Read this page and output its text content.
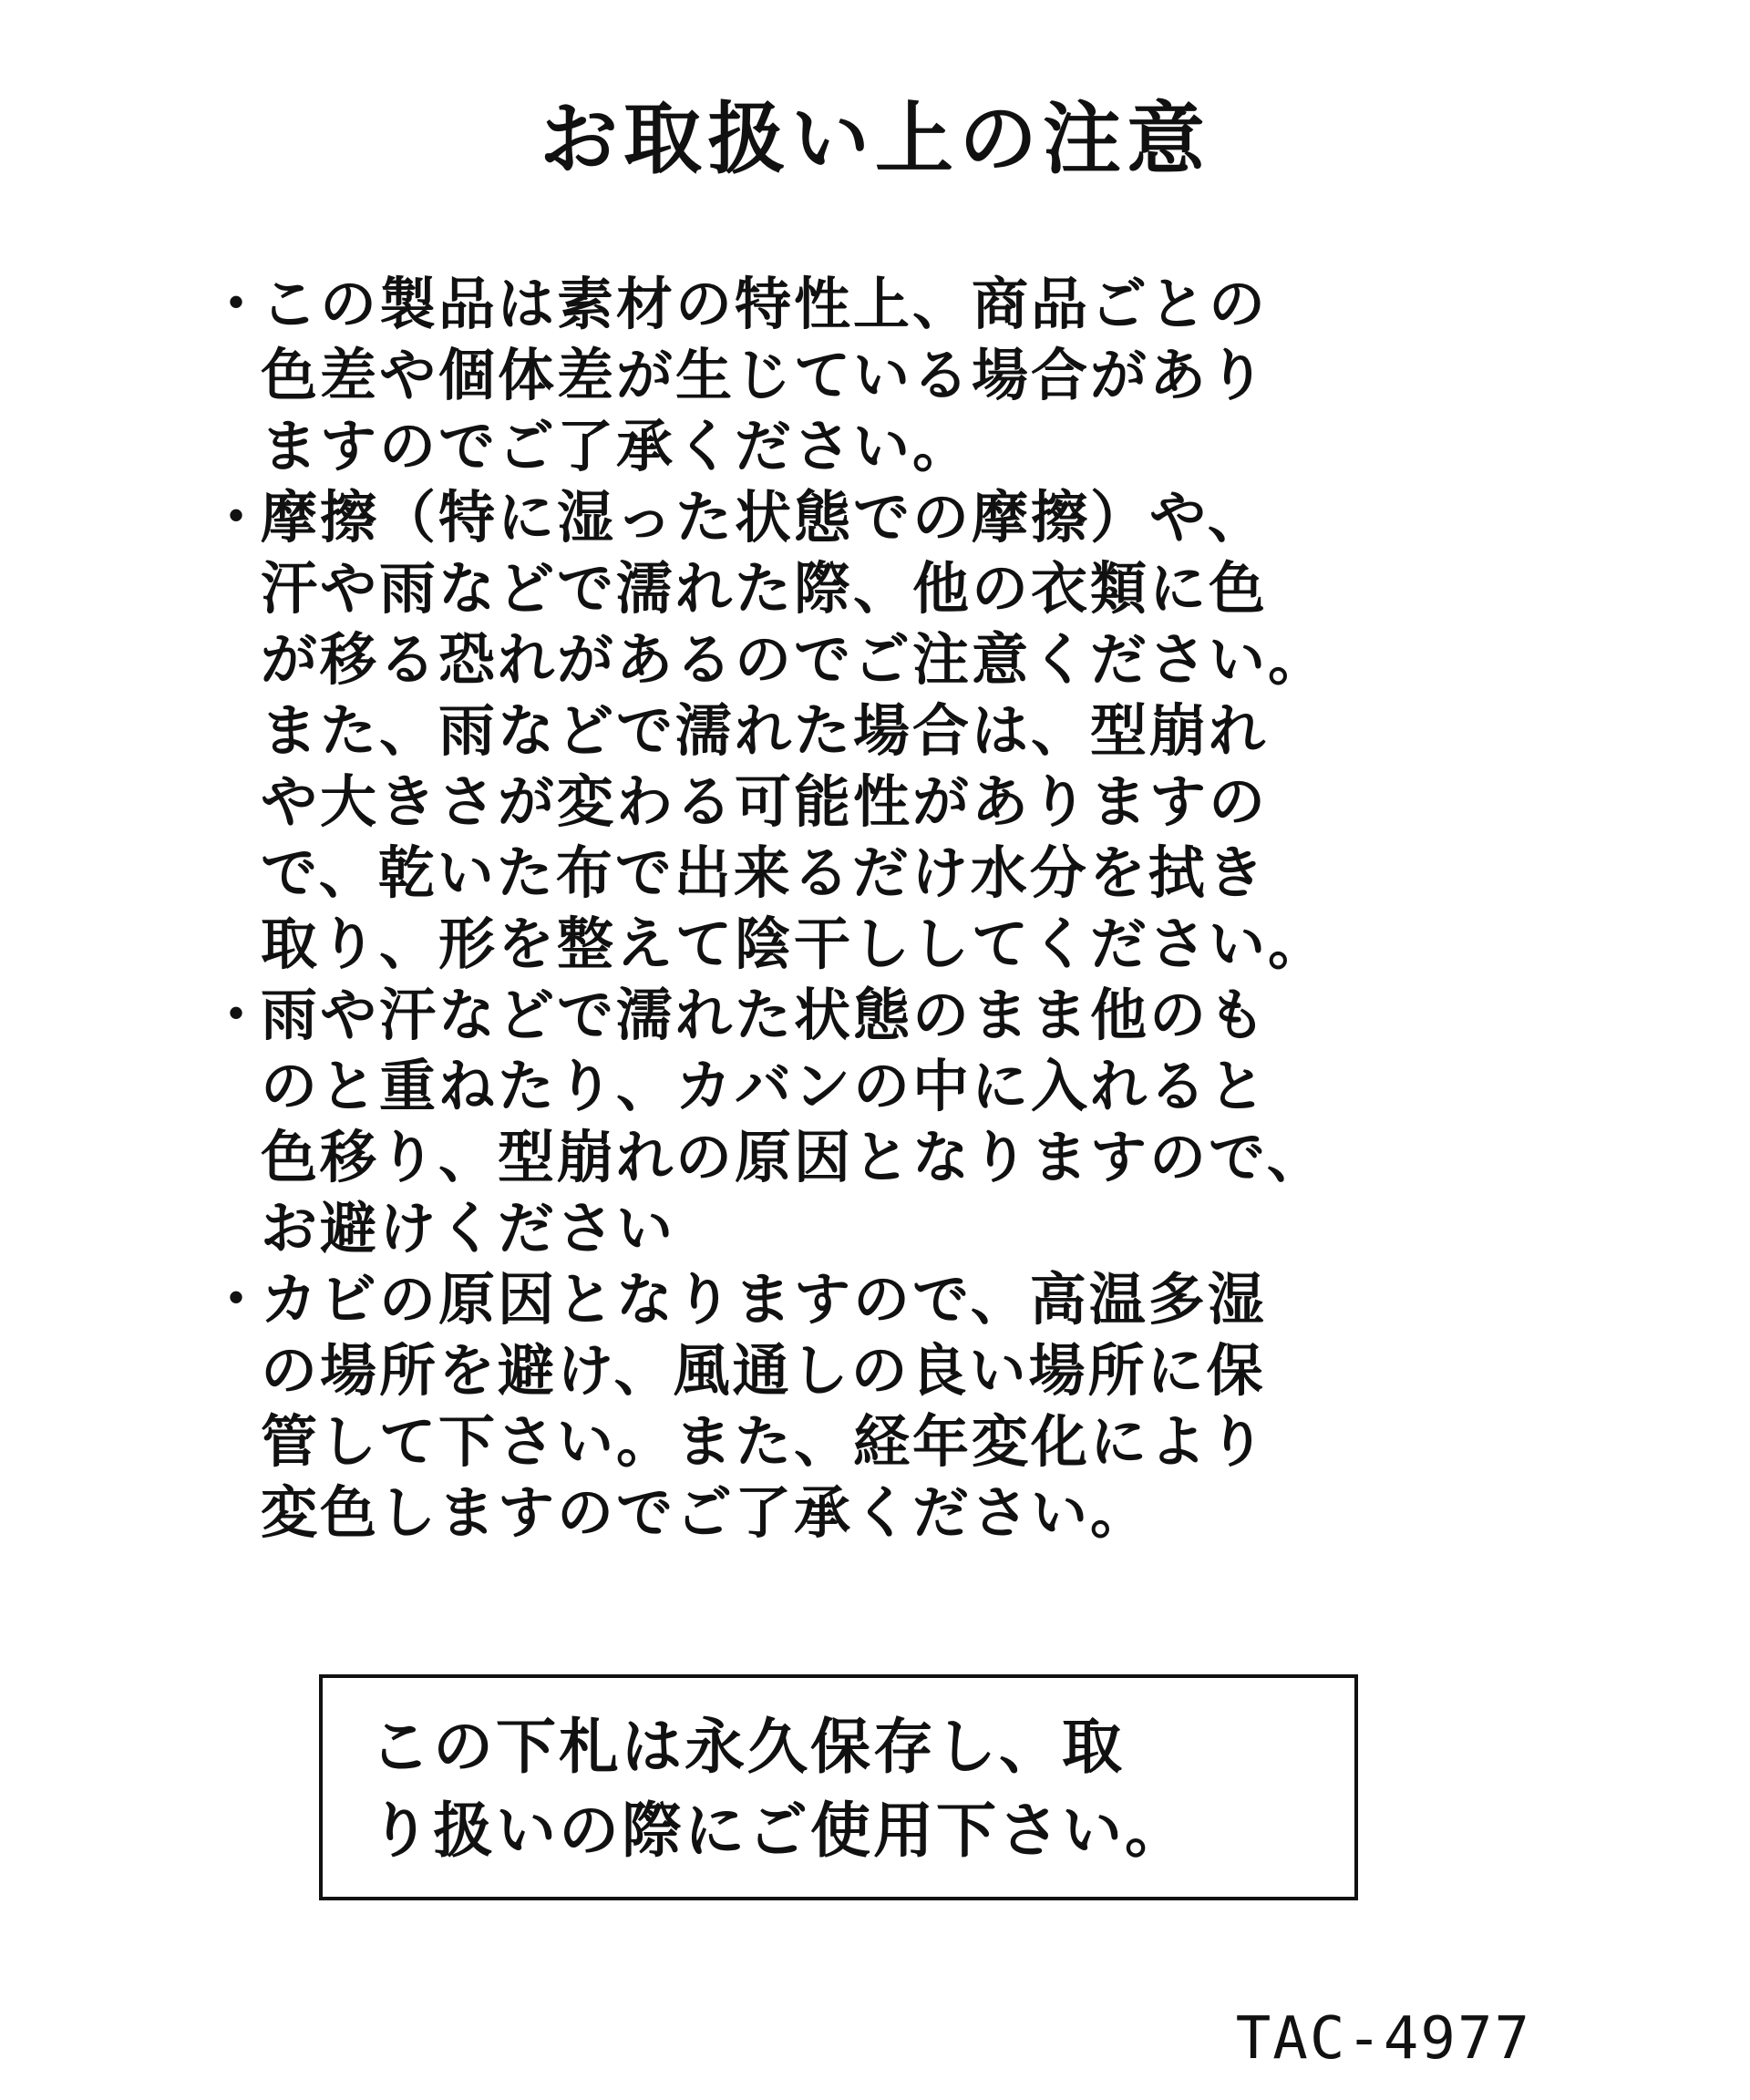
お取扱い上の注意
・
この製品は素材の特性上、商品ごとの
色差や個体差が生じている場合があり
ますのでご了承ください。
・
摩擦（特に湿った状態での摩擦）や、
汗や雨などで濡れた際、他の衣類に色
が移る恐れがあるのでご注意ください。
また、雨などで濡れた場合は、型崩れ
や大きさが変わる可能性がありますの
で、乾いた布で出来るだけ水分を拭き
取り、形を整えて陰干ししてください。
・
雨や汗などで濡れた状態のまま他のも
のと重ねたり、カバンの中に入れると
色移り、型崩れの原因となりますので、
お避けください
・
カビの原因となりますので、高温多湿
の場所を避け、風通しの良い場所に保
管して下さい。また、経年変化により
変色しますのでご了承ください。
この下札は永久保存し、取
り扱いの際にご使用下さい。
TAC-4977
